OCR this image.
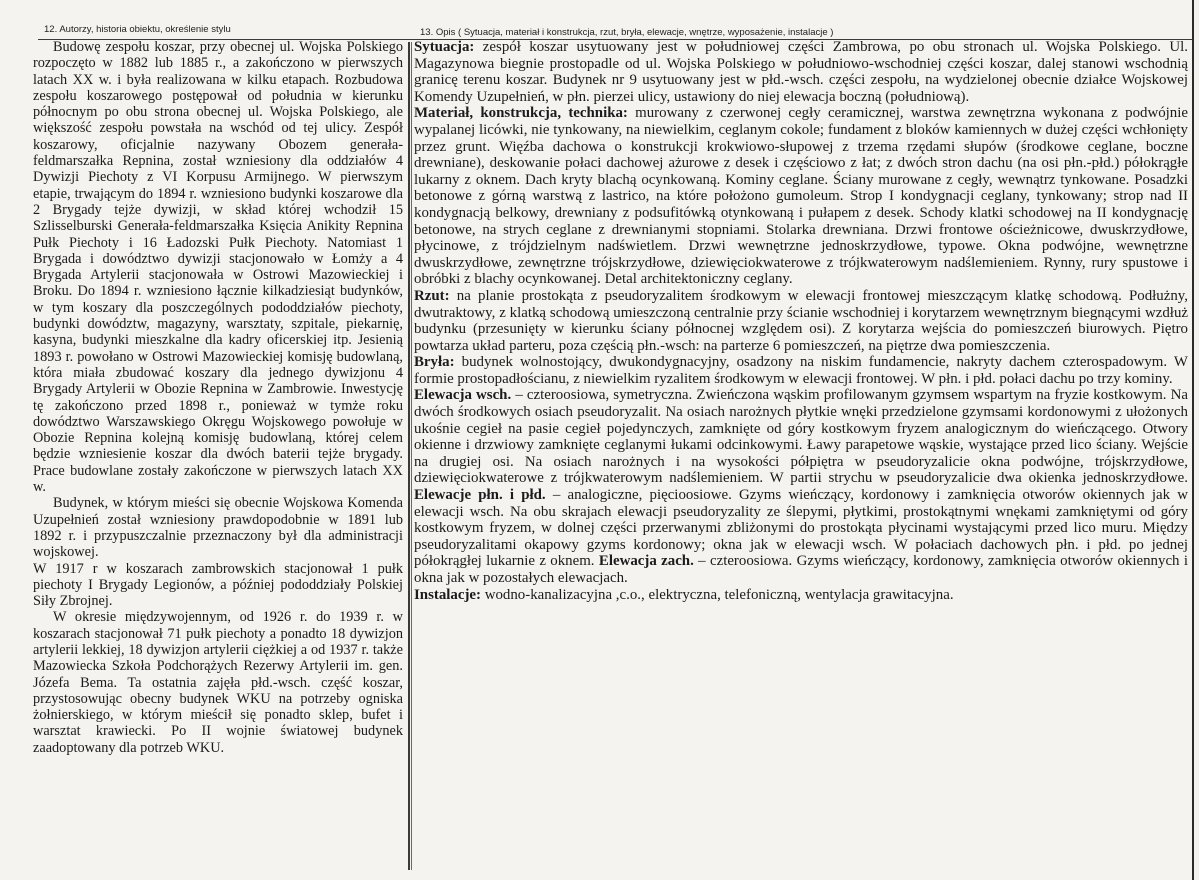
12. Autorzy, historia obiektu, określenie stylu	13. Opis ( Sytuacja, materiał i konstrukcja, rzut, bryła, elewacje, wnętrze, wyposażenie, instalacje )

Budowę zespołu koszar, przy obecnej ul. Wojska Polskiego rozpoczęto w 1882 lub 1885 r., a zakończono w pierwszych latach XX w. i była realizowana w kilku etapach. Rozbudowa zespołu koszarowego postępował od południa w kierunku północnym po obu strona obecnej ul. Wojska Polskiego, ale większość zespołu powstała na wschód od tej ulicy. Zespół koszarowy, oficjalnie nazywany Obozem generała-feldmarszałka Repnina, został wzniesiony dla oddziałów 4 Dywizji Piechoty z VI Korpusu Armijnego. W pierwszym etapie, trwającym do 1894 r. wzniesiono budynki koszarowe dla 2 Brygady tejże dywizji, w skład której wchodził 15 Szlisselburski Generała-feldmarszałka Księcia Anikity Repnina Pułk Piechoty i 16 Ładozski Pułk Piechoty. Natomiast 1 Brygada i dowództwo dywizji stacjonowało w Łomży a 4 Brygada Artylerii stacjonowała w Ostrowi Mazowieckiej i Broku. Do 1894 r. wzniesiono łącznie kilkadziesiąt budynków, w tym koszary dla poszczególnych pododdziałów piechoty, budynki dowództw, magazyny, warsztaty, szpitale, piekarnię, kasyna, budynki mieszkalne dla kadry oficerskiej itp. Jesienią 1893 r. powołano w Ostrowi Mazowieckiej komisję budowlaną, która miała zbudować koszary dla jednego dywizjonu 4 Brygady Artylerii w Obozie Repnina w Zambrowie. Inwestycję tę zakończono przed 1898 r., ponieważ w tymże roku dowództwo Warszawskiego Okręgu Wojskowego powołuje w Obozie Repnina kolejną komisję budowlaną, której celem będzie wzniesienie koszar dla dwóch baterii tejże brygady. Prace budowlane zostały zakończone w pierwszych latach XX w.

Budynek, w którym mieści się obecnie Wojskowa Komenda Uzupełnień został wzniesiony prawdopodobnie w 1891 lub 1892 r. i przypuszczalnie przeznaczony był dla administracji wojskowej.

W 1917 r w koszarach zambrowskich stacjonował 1 pułk piechoty I Brygady Legionów, a później pododdziały Polskiej Siły Zbrojnej.

W okresie międzywojennym, od 1926 r. do 1939 r. w koszarach stacjonował 71 pułk piechoty a ponadto 18 dywizjon artylerii lekkiej, 18 dywizjon artylerii ciężkiej a od 1937 r. także Mazowiecka Szkoła Podchorążych Rezerwy Artylerii im. gen. Józefa Bema. Ta ostatnia zajęła płd.-wsch. część koszar, przystosowując obecny budynek WKU na potrzeby ogniska żołnierskiego, w którym mieścił się ponadto sklep, bufet i warsztat krawiecki. Po II wojnie światowej budynek zaadoptowany dla potrzeb WKU.

Sytuacja: zespół koszar usytuowany jest w południowej części Zambrowa, po obu stronach ul. Wojska Polskiego. Ul. Magazynowa biegnie prostopadle od ul. Wojska Polskiego w południowo-wschodniej części koszar, dalej stanowi wschodnią granicę terenu koszar. Budynek nr 9 usytuowany jest w płd.-wsch. części zespołu, na wydzielonej obecnie działce Wojskowej Komendy Uzupełnień, w płn. pierzei ulicy, ustawiony do niej elewacja boczną (południową).

Materiał, konstrukcja, technika: murowany z czerwonej cegły ceramicznej, warstwa zewnętrzna wykonana z podwójnie wypalanej licówki, nie tynkowany, na niewielkim, ceglanym cokole; fundament z bloków kamiennych w dużej części wchłonięty przez grunt. Więźba dachowa o konstrukcji krokwiowo-słupowej z trzema rzędami słupów (środkowe ceglane, boczne drewniane), deskowanie połaci dachowej ażurowe z desek i częściowo z łat; z dwóch stron dachu (na osi płn.-płd.) półokrągłe lukarny z oknem. Dach kryty blachą ocynkowaną. Kominy ceglane. Ściany murowane z cegły, wewnątrz tynkowane. Posadzki betonowe z górną warstwą z lastrico, na które położono gumoleum. Strop I kondygnacji ceglany, tynkowany; strop nad II kondygnacją belkowy, drewniany z podsufitówką otynkowaną i pułapem z desek. Schody klatki schodowej na II kondygnację betonowe, na strych ceglane z drewnianymi stopniami. Stolarka drewniana. Drzwi frontowe ościeżnicowe, dwuskrzydłowe, płycinowe, z trójdzielnym nadświetlem. Drzwi wewnętrzne jednoskrzydłowe, typowe. Okna podwójne, wewnętrzne dwuskrzydłowe, zewnętrzne trójskrzydłowe, dziewięciokwaterowe z trójkwaterowym nadślemieniem. Rynny, rury spustowe i obróbki z blachy ocynkowanej. Detal architektoniczny ceglany.

Rzut: na planie prostokąta z pseudoryzalitem środkowym w elewacji frontowej mieszczącym klatkę schodową. Podłużny, dwutraktowy, z klatką schodową umieszczoną centralnie przy ścianie wschodniej i korytarzem wewnętrznym biegnącymi wzdłuż budynku (przesunięty w kierunku ściany północnej względem osi). Z korytarza wejścia do pomieszczeń biurowych. Piętro powtarza układ parteru, poza częścią płn.-wsch: na parterze 6 pomieszczeń, na piętrze dwa pomieszczenia.

Bryła: budynek wolnostojący, dwukondygnacyjny, osadzony na niskim fundamencie, nakryty dachem czterospadowym. W formie prostopadłościanu, z niewielkim ryzalitem środkowym w elewacji frontowej. W płn. i płd. połaci dachu po trzy kominy.

Elewacja wsch. – czteroosiowa, symetryczna. Zwieńczona wąskim profilowanym gzymsem wspartym na fryzie kostkowym. Na dwóch środkowych osiach pseudoryzalit. Na osiach narożnych płytkie wnęki przedzielone gzymsami kordonowymi z ułożonych ukośnie cegieł na pasie cegieł pojedynczych, zamknięte od góry kostkowym fryzem analogicznym do wieńczącego. Otwory okienne i drzwiowy zamknięte ceglanymi łukami odcinkowymi. Ławy parapetowe wąskie, wystające przed lico ściany. Wejście na drugiej osi. Na osiach narożnych i na wysokości półpiętra w pseudoryzalicie okna podwójne, trójskrzydłowe, dziewięciokwaterowe z trójkwaterowym nadślemieniem. W partii strychu w pseudoryzalicie dwa okienka jednoskrzydłowe. Elewacje płn. i płd. – analogiczne, pięcioosiowe. Gzyms wieńczący, kordonowy i zamknięcia otworów okiennych jak w elewacji wsch. Na obu skrajach elewacji pseudoryzality ze ślepymi, płytkimi, prostokątnymi wnękami zamkniętymi od góry kostkowym fryzem, w dolnej części przerwanymi zbliżonymi do prostokąta płycinami wystającymi przed lico muru. Między pseudoryzalitami okapowy gzyms kordonowy; okna jak w elewacji wsch. W połaciach dachowych płn. i płd. po jednej półokrągłej lukarnie z oknem. Elewacja zach. – czteroosiowa. Gzyms wieńczący, kordonowy, zamknięcia otworów okiennych i okna jak w pozostałych elewacjach.

Instalacje: wodno-kanalizacyjna ,c.o., elektryczna, telefoniczną, wentylacja grawitacyjna.
